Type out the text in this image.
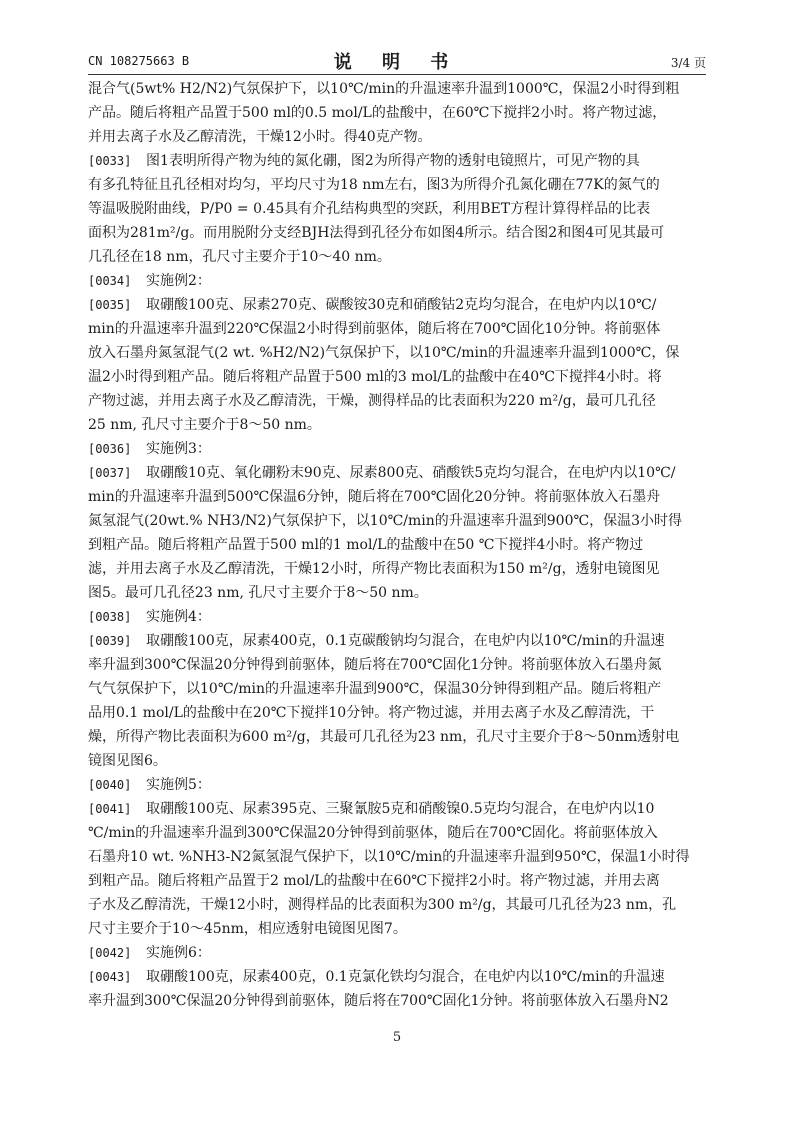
CN 108275663 B	说 明 书	3/4 页
混合气(5wt% H2/N2)气氛保护下，以10℃/min的升温速率升温到1000℃，保温2小时得到粗
产品。随后将粗产品置于500 ml的0.5 mol/L的盐酸中，在60℃下搅拌2小时。将产物过滤，
并用去离子水及乙醇清洗，干燥12小时。得40克产物。
[0033] 图1表明所得产物为纯的氮化硼，图2为所得产物的透射电镜照片，可见产物的具
有多孔特征且孔径相对均匀，平均尺寸为18 nm左右，图3为所得介孔氮化硼在77K的氮气的
等温吸脱附曲线，P/P0 = 0.45具有介孔结构典型的突跃，利用BET方程计算得样品的比表
面积为281m²/g。而用脱附分支经BJH法得到孔径分布如图4所示。结合图2和图4可见其最可
几孔径在18 nm，孔尺寸主要介于10～40 nm。
[0034] 实施例2：
[0035] 取硼酸100克、尿素270克、碳酸铵30克和硝酸钴2克均匀混合，在电炉内以10℃/
min的升温速率升温到220℃保温2小时得到前驱体，随后将在700℃固化10分钟。将前驱体
放入石墨舟氮氢混气(2 wt. %H2/N2)气氛保护下，以10℃/min的升温速率升温到1000℃，保
温2小时得到粗产品。随后将粗产品置于500 ml的3 mol/L的盐酸中在40℃下搅拌4小时。将
产物过滤，并用去离子水及乙醇清洗，干燥，测得样品的比表面积为220 m²/g，最可几孔径
25 nm, 孔尺寸主要介于8～50 nm。
[0036] 实施例3：
[0037] 取硼酸10克、氧化硼粉末90克、尿素800克、硝酸铁5克均匀混合，在电炉内以10℃/
min的升温速率升温到500℃保温6分钟，随后将在700℃固化20分钟。将前驱体放入石墨舟
氮氢混气(20wt.% NH3/N2)气氛保护下，以10℃/min的升温速率升温到900℃，保温3小时得
到粗产品。随后将粗产品置于500 ml的1 mol/L的盐酸中在50 ℃下搅拌4小时。将产物过
滤，并用去离子水及乙醇清洗，干燥12小时，所得产物比表面积为150 m²/g，透射电镜图见
图5。最可几孔径23 nm, 孔尺寸主要介于8～50 nm。
[0038] 实施例4：
[0039] 取硼酸100克，尿素400克，0.1克碳酸钠均匀混合，在电炉内以10℃/min的升温速
率升温到300℃保温20分钟得到前驱体，随后将在700℃固化1分钟。将前驱体放入石墨舟氮
气气氛保护下，以10℃/min的升温速率升温到900℃，保温30分钟得到粗产品。随后将粗产
品用0.1 mol/L的盐酸中在20℃下搅拌10分钟。将产物过滤，并用去离子水及乙醇清洗，干
燥，所得产物比表面积为600 m²/g，其最可几孔径为23 nm，孔尺寸主要介于8～50nm透射电
镜图见图6。
[0040] 实施例5：
[0041] 取硼酸100克、尿素395克、三聚氰胺5克和硝酸镍0.5克均匀混合，在电炉内以10
℃/min的升温速率升温到300℃保温20分钟得到前驱体，随后在700℃固化。将前驱体放入
石墨舟10 wt. %NH3-N2氮氢混气保护下，以10℃/min的升温速率升温到950℃，保温1小时得
到粗产品。随后将粗产品置于2 mol/L的盐酸中在60℃下搅拌2小时。将产物过滤，并用去离
子水及乙醇清洗，干燥12小时，测得样品的比表面积为300 m²/g，其最可几孔径为23 nm，孔
尺寸主要介于10～45nm，相应透射电镜图见图7。
[0042] 实施例6：
[0043] 取硼酸100克，尿素400克，0.1克氯化铁均匀混合，在电炉内以10℃/min的升温速
率升温到300℃保温20分钟得到前驱体，随后将在700℃固化1分钟。将前驱体放入石墨舟N2
5
